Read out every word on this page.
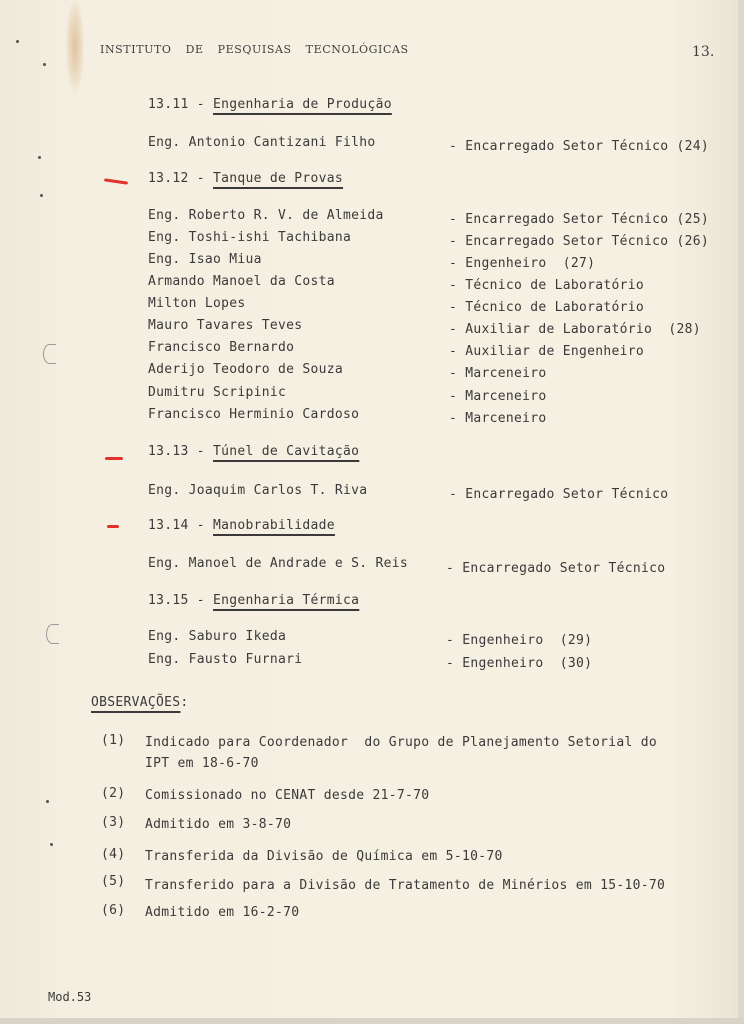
INSTITUTO DE PESQUISAS TECNOLÓGICAS	13.
13.11 - Engenharia de Produção
Eng. Antonio Cantizani Filho	- Encarregado Setor Técnico (24)
13.12 - Tanque de Provas
Eng. Roberto R. V. de Almeida	- Encarregado Setor Técnico (25)
Eng. Toshi-ishi Tachibana	- Encarregado Setor Técnico (26)
Eng. Isao Miua	- Engenheiro  (27)
Armando Manoel da Costa	- Técnico de Laboratório
Milton Lopes	- Técnico de Laboratório
Mauro Tavares Teves	- Auxiliar de Laboratório  (28)
Francisco Bernardo	- Auxiliar de Engenheiro
Aderijo Teodoro de Souza	- Marceneiro
Dumitru Scripinic	- Marceneiro
Francisco Herminio Cardoso	- Marceneiro
13.13 - Túnel de Cavitação
Eng. Joaquim Carlos T. Riva	- Encarregado Setor Técnico
13.14 - Manobrabilidade
Eng. Manoel de Andrade e S. Reis	- Encarregado Setor Técnico
13.15 - Engenharia Térmica
Eng. Saburo Ikeda	- Engenheiro  (29)
Eng. Fausto Furnari	- Engenheiro  (30)
OBSERVAÇÕES:
(1) Indicado para Coordenador  do Grupo de Planejamento Setorial do
IPT em 18-6-70
(2) Comissionado no CENAT desde 21-7-70
(3) Admitido em 3-8-70
(4) Transferida da Divisão de Química em 5-10-70
(5) Transferido para a Divisão de Tratamento de Minérios em 15-10-70
(6) Admitido em 16-2-70
Mod.53
